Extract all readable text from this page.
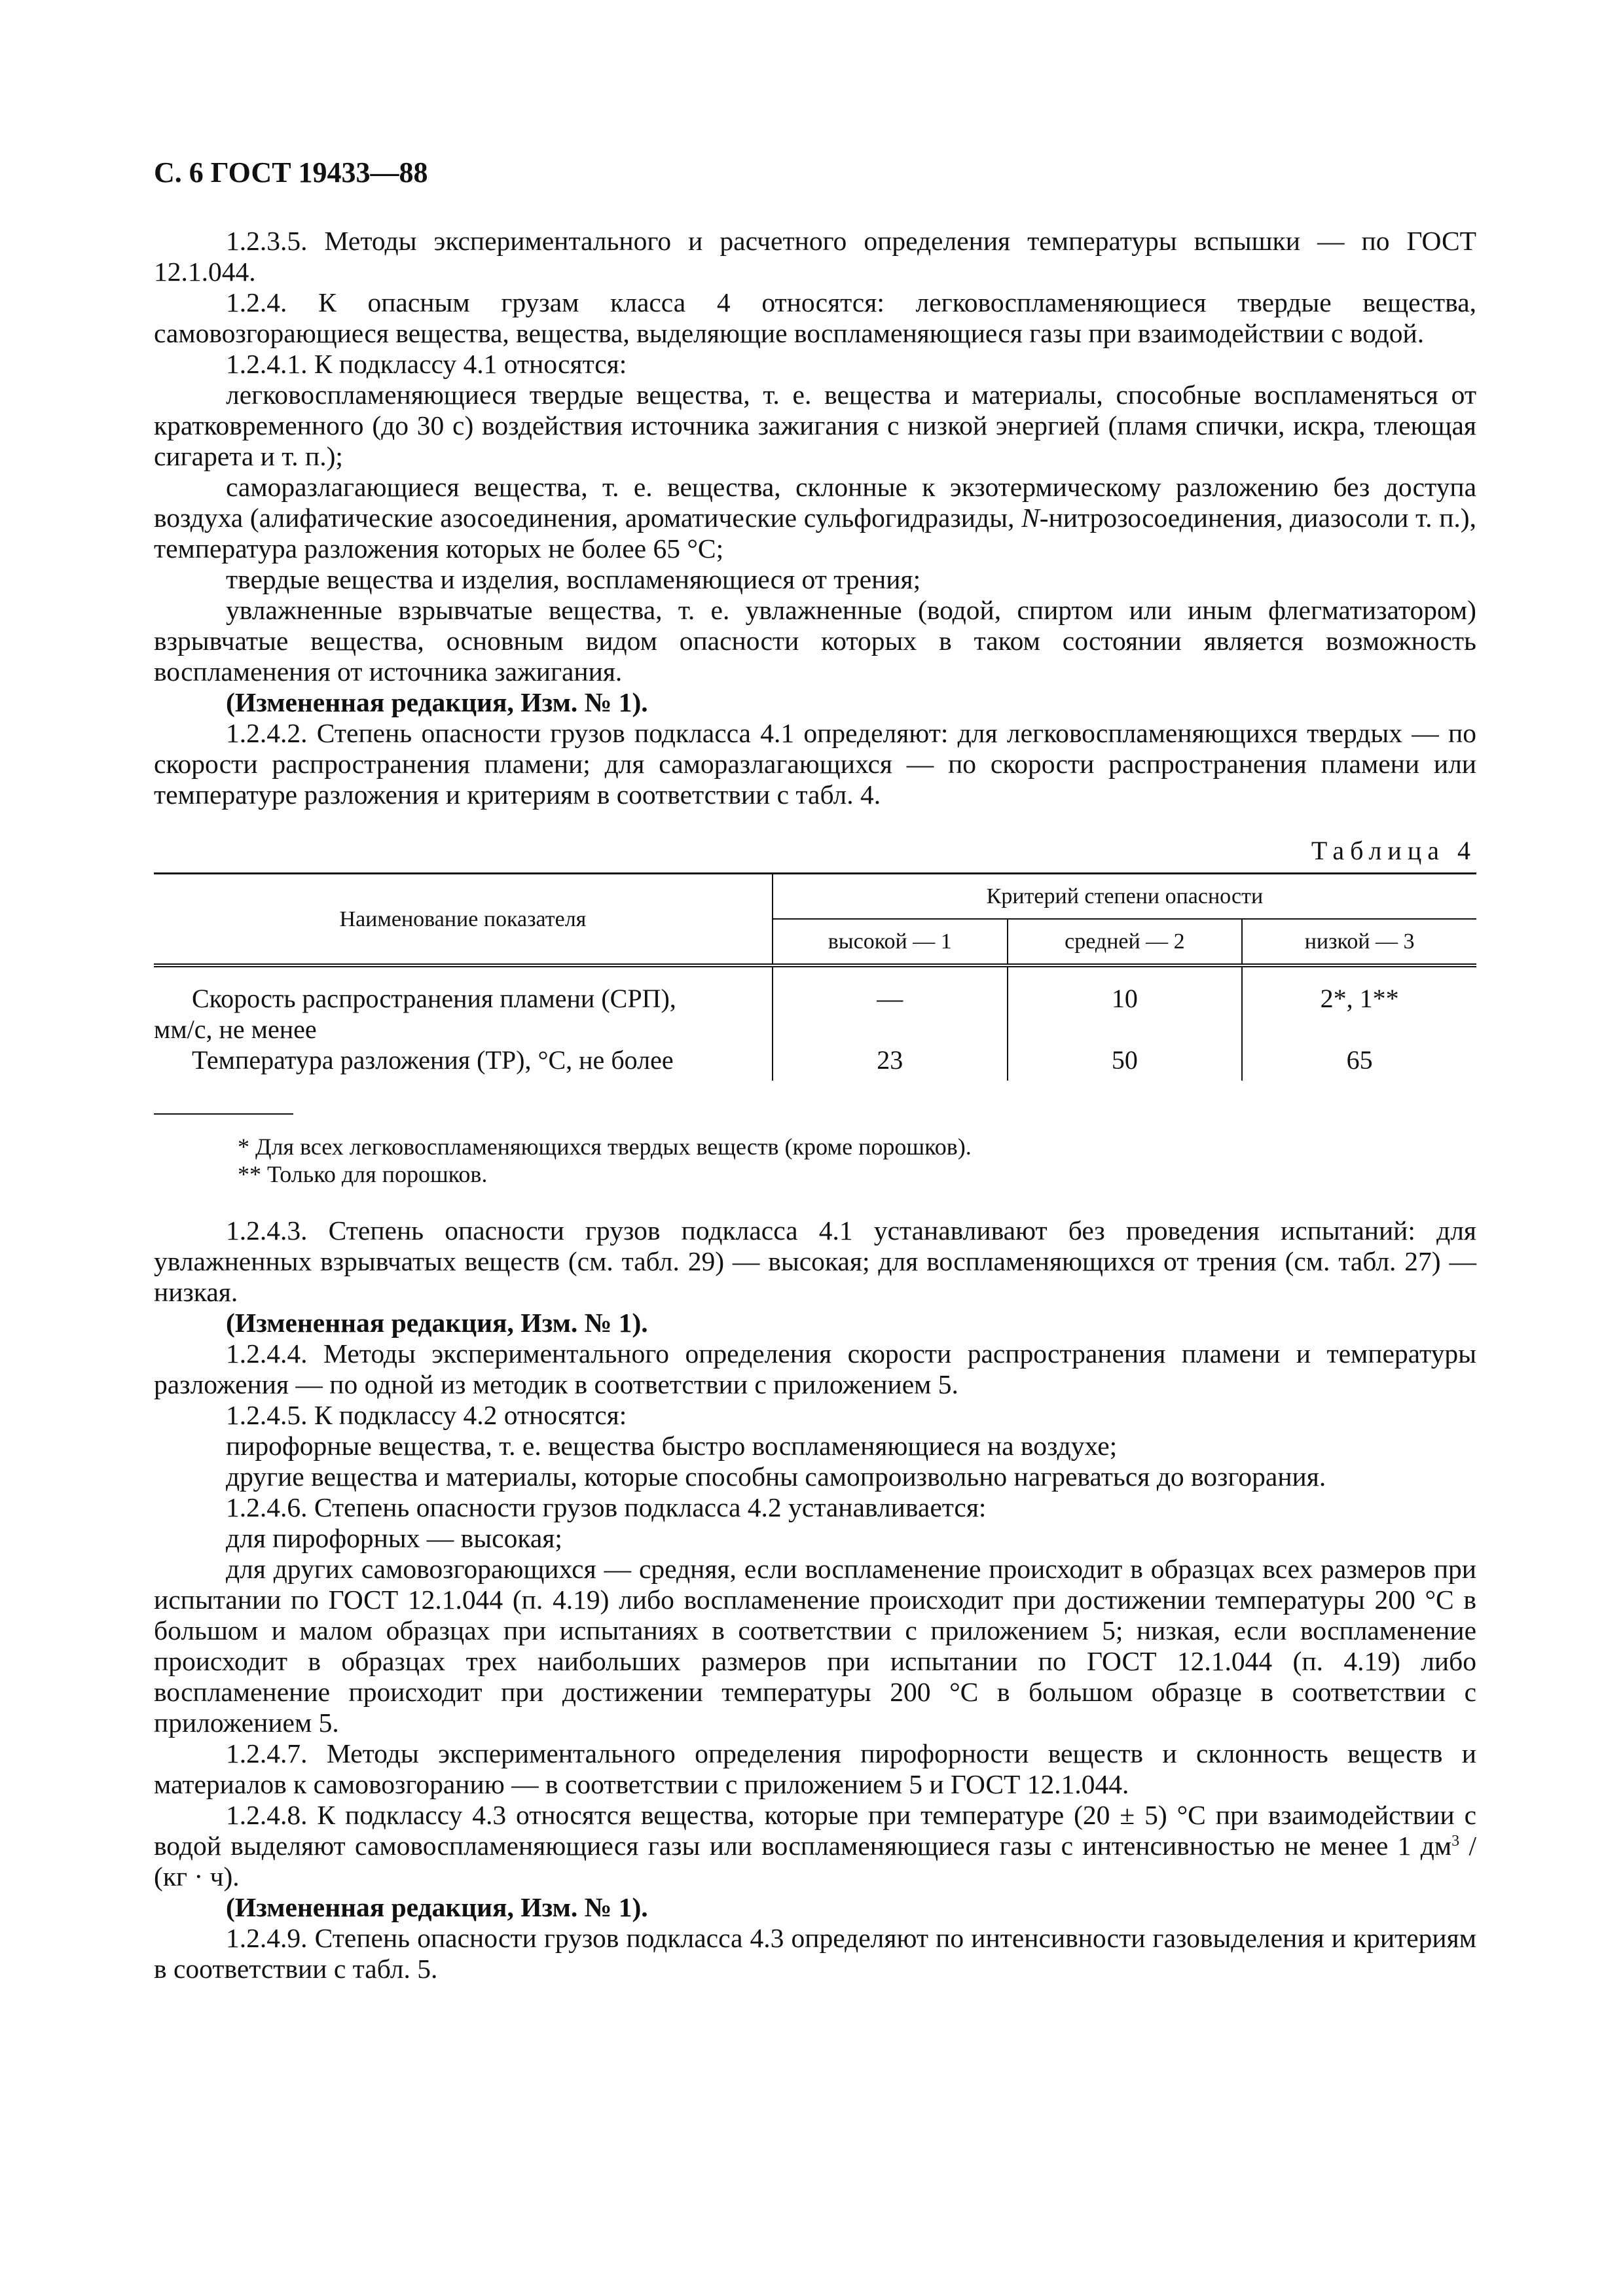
С. 6 ГОСТ 19433—88

1.2.3.5. Методы экспериментального и расчетного определения температуры вспышки — по ГОСТ 12.1.044.

1.2.4. К опасным грузам класса 4 относятся: легковоспламеняющиеся твердые вещества, самовозгорающиеся вещества, вещества, выделяющие воспламеняющиеся газы при взаимодействии с водой.

1.2.4.1. К подклассу 4.1 относятся:

легковоспламеняющиеся твердые вещества, т. е. вещества и материалы, способные воспламеняться от кратковременного (до 30 с) воздействия источника зажигания с низкой энергией (пламя спички, искра, тлеющая сигарета и т. п.);

саморазлагающиеся вещества, т. е. вещества, склонные к экзотермическому разложению без доступа воздуха (алифатические азосоединения, ароматические сульфогидразиды, N-нитрозосоединения, диазосоли т. п.), температура разложения которых не более 65 °С;

твердые вещества и изделия, воспламеняющиеся от трения;

увлажненные взрывчатые вещества, т. е. увлажненные (водой, спиртом или иным флегматизатором) взрывчатые вещества, основным видом опасности которых в таком состоянии является возможность воспламенения от источника зажигания.

(Измененная редакция, Изм. № 1).

1.2.4.2. Степень опасности грузов подкласса 4.1 определяют: для легковоспламеняющихся твердых — по скорости распространения пламени; для саморазлагающихся — по скорости распространения пламени или температуре разложения и критериям в соответствии с табл. 4.

Таблица 4
Наименование показателя	Критерий степени опасности		
	высокой — 1	средней — 2	низкой — 3

Скорость распространения пламени (СРП),
мм/с, не менее	—	10	2*, 1**

Температура разложения (ТР), °С, не более	23	50	65
* Для всех легковоспламеняющихся твердых веществ (кроме порошков).
** Только для порошков.

1.2.4.3. Степень опасности грузов подкласса 4.1 устанавливают без проведения испытаний: для увлажненных взрывчатых веществ (см. табл. 29) — высокая; для воспламеняющихся от трения (см. табл. 27) — низкая.

(Измененная редакция, Изм. № 1).

1.2.4.4. Методы экспериментального определения скорости распространения пламени и температуры разложения — по одной из методик в соответствии с приложением 5.

1.2.4.5. К подклассу 4.2 относятся:

пирофорные вещества, т. е. вещества быстро воспламеняющиеся на воздухе;

другие вещества и материалы, которые способны самопроизвольно нагреваться до возгорания.

1.2.4.6. Степень опасности грузов подкласса 4.2 устанавливается:

для пирофорных — высокая;

для других самовозгорающихся — средняя, если воспламенение происходит в образцах всех размеров при испытании по ГОСТ 12.1.044 (п. 4.19) либо воспламенение происходит при достижении температуры 200 °С в большом и малом образцах при испытаниях в соответствии с приложением 5; низкая, если воспламенение происходит в образцах трех наибольших размеров при испытании по ГОСТ 12.1.044 (п. 4.19) либо воспламенение происходит при достижении температуры 200 °С в большом образце в соответствии с приложением 5.

1.2.4.7. Методы экспериментального определения пирофорности веществ и склонность веществ и материалов к самовозгоранию — в соответствии с приложением 5 и ГОСТ 12.1.044.

1.2.4.8. К подклассу 4.3 относятся вещества, которые при температуре (20 ± 5) °С при взаимодействии с водой выделяют самовоспламеняющиеся газы или воспламеняющиеся газы с интенсивностью не менее 1 $дм^3 / (кг \cdot ч)$.

(Измененная редакция, Изм. № 1).

1.2.4.9. Степень опасности грузов подкласса 4.3 определяют по интенсивности газовыделения и критериям в соответствии с табл. 5.
